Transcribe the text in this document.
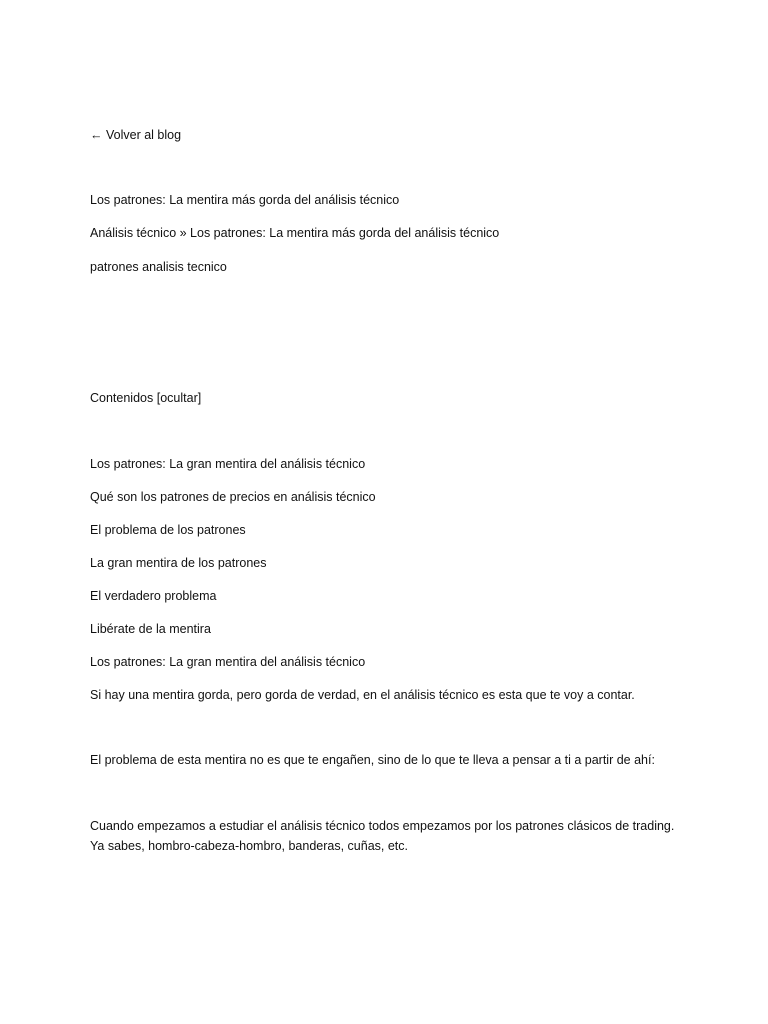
← Volver al blog
Los patrones: La mentira más gorda del análisis técnico
Análisis técnico » Los patrones: La mentira más gorda del análisis técnico
patrones analisis tecnico
Contenidos [ocultar]
Los patrones: La gran mentira del análisis técnico
Qué son los patrones de precios en análisis técnico
El problema de los patrones
La gran mentira de los patrones
El verdadero problema
Libérate de la mentira
Los patrones: La gran mentira del análisis técnico
Si hay una mentira gorda, pero gorda de verdad, en el análisis técnico es esta que te voy a contar.
El problema de esta mentira no es que te engañen, sino de lo que te lleva a pensar a ti a partir de ahí:
Cuando empezamos a estudiar el análisis técnico todos empezamos por los patrones clásicos de trading. Ya sabes, hombro-cabeza-hombro, banderas, cuñas, etc.
